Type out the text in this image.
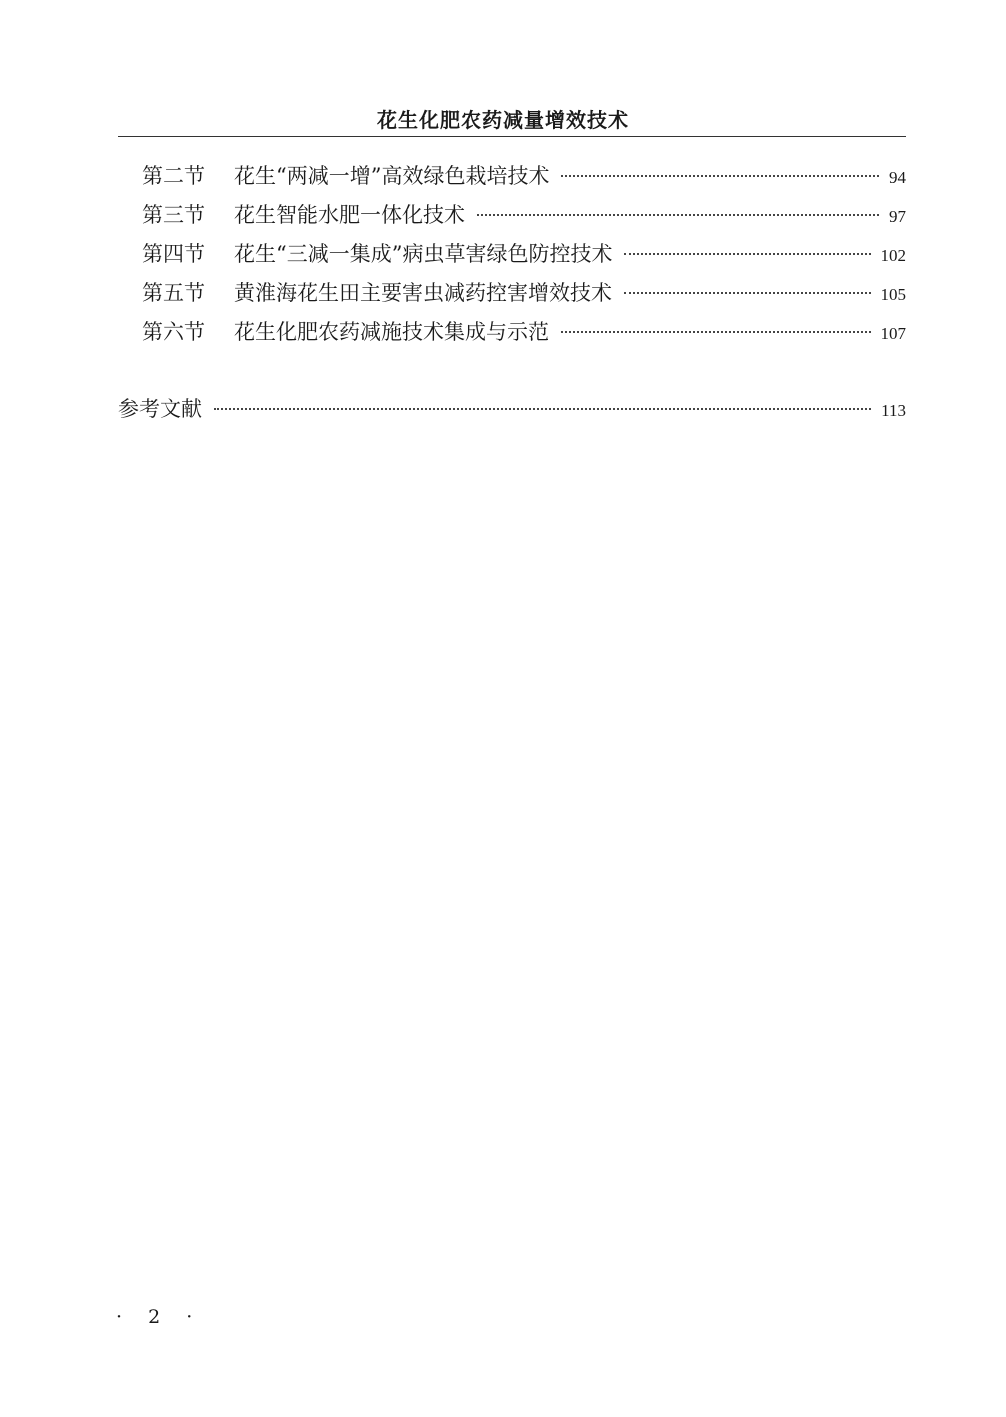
花生化肥农药减量增效技术
第二节	花生“两减一增”高效绿色栽培技术	94
第三节	花生智能水肥一体化技术	97
第四节	花生“三减一集成”病虫草害绿色防控技术	102
第五节	黄淮海花生田主要害虫减药控害增效技术	105
第六节	花生化肥农药减施技术集成与示范	107
参考文献	113
· 2 ·
